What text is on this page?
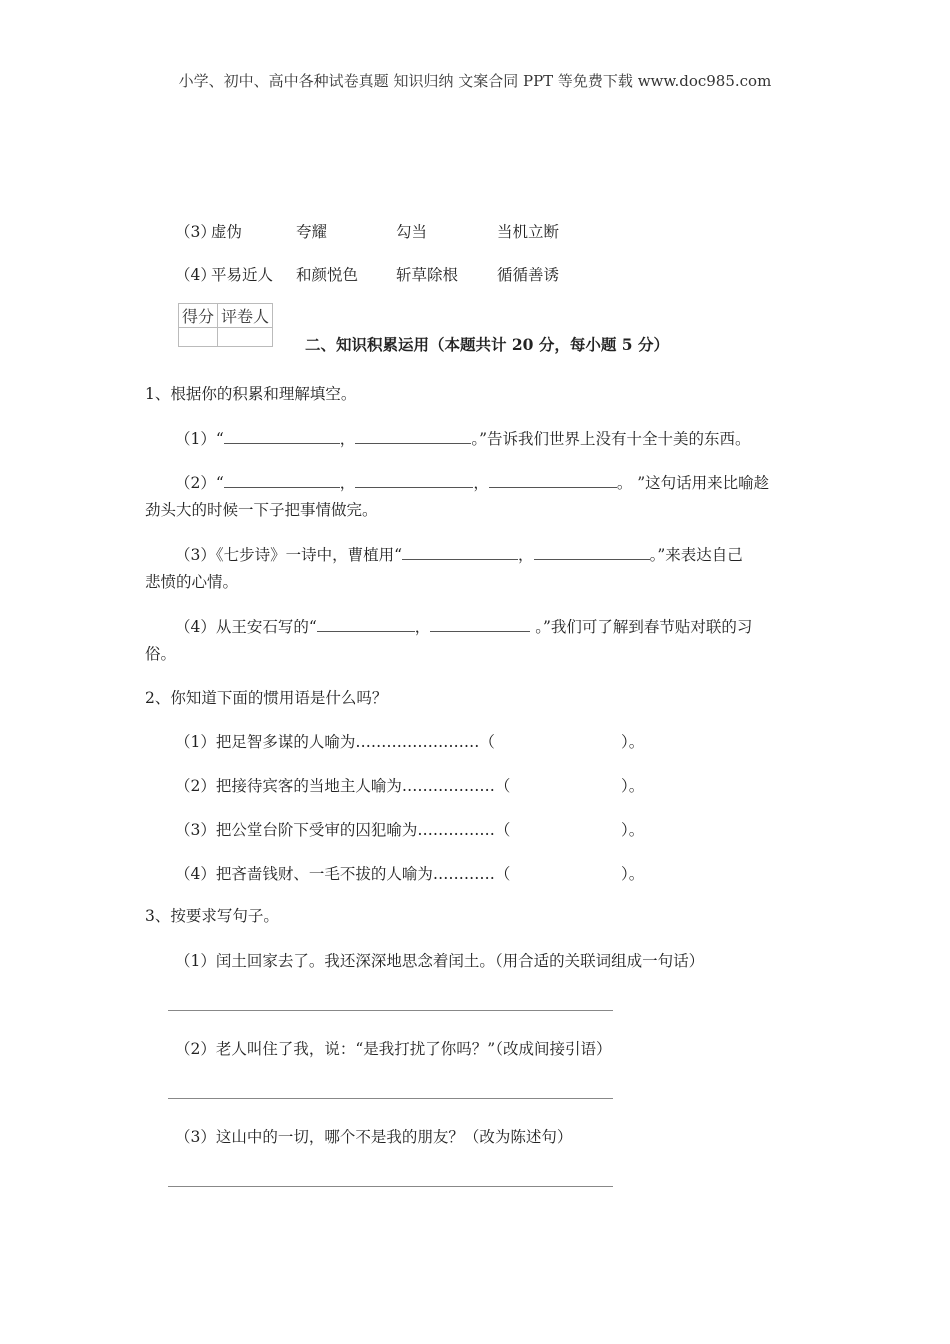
小学、初中、高中各种试卷真题 知识归纳 文案合同 PPT 等免费下载 www.doc985.com
（3）
虚伪	夸耀	勾当	当机立断
（4）
平易近人 和颜悦色 斩草除根	循循善诱
得分	评卷人

二、知识积累运用（本题共计 20 分，每小题 5 分）
1、根据你的积累和理解填空。
（1）“	，	。”告诉我们世界上没有十全十美的东西。
（2）“	，	，	。 ”这句话用来比喻趁
劲头大的时候一下子把事情做完。
（3）《七步诗》一诗中，曹植用“	，	。”来表达自己
悲愤的心情。
（4）从王安石写的“	，	。”我们可了解到春节贴对联的习
俗。
2、你知道下面的惯用语是什么吗？
（1）把足智多谋的人喻为……………………（	）。
（2）把接待宾客的当地主人喻为………………（	）。
（3）把公堂台阶下受审的囚犯喻为……………（	）。
（4）把吝啬钱财、一毛不拔的人喻为…………（	）。
3、按要求写句子。
（1）闰土回家去了。我还深深地思念着闰土。（用合适的关联词组成一句话）
（2）老人叫住了我，说：“是我打扰了你吗？”（改成间接引语）
（3）这山中的一切，哪个不是我的朋友？（改为陈述句）
